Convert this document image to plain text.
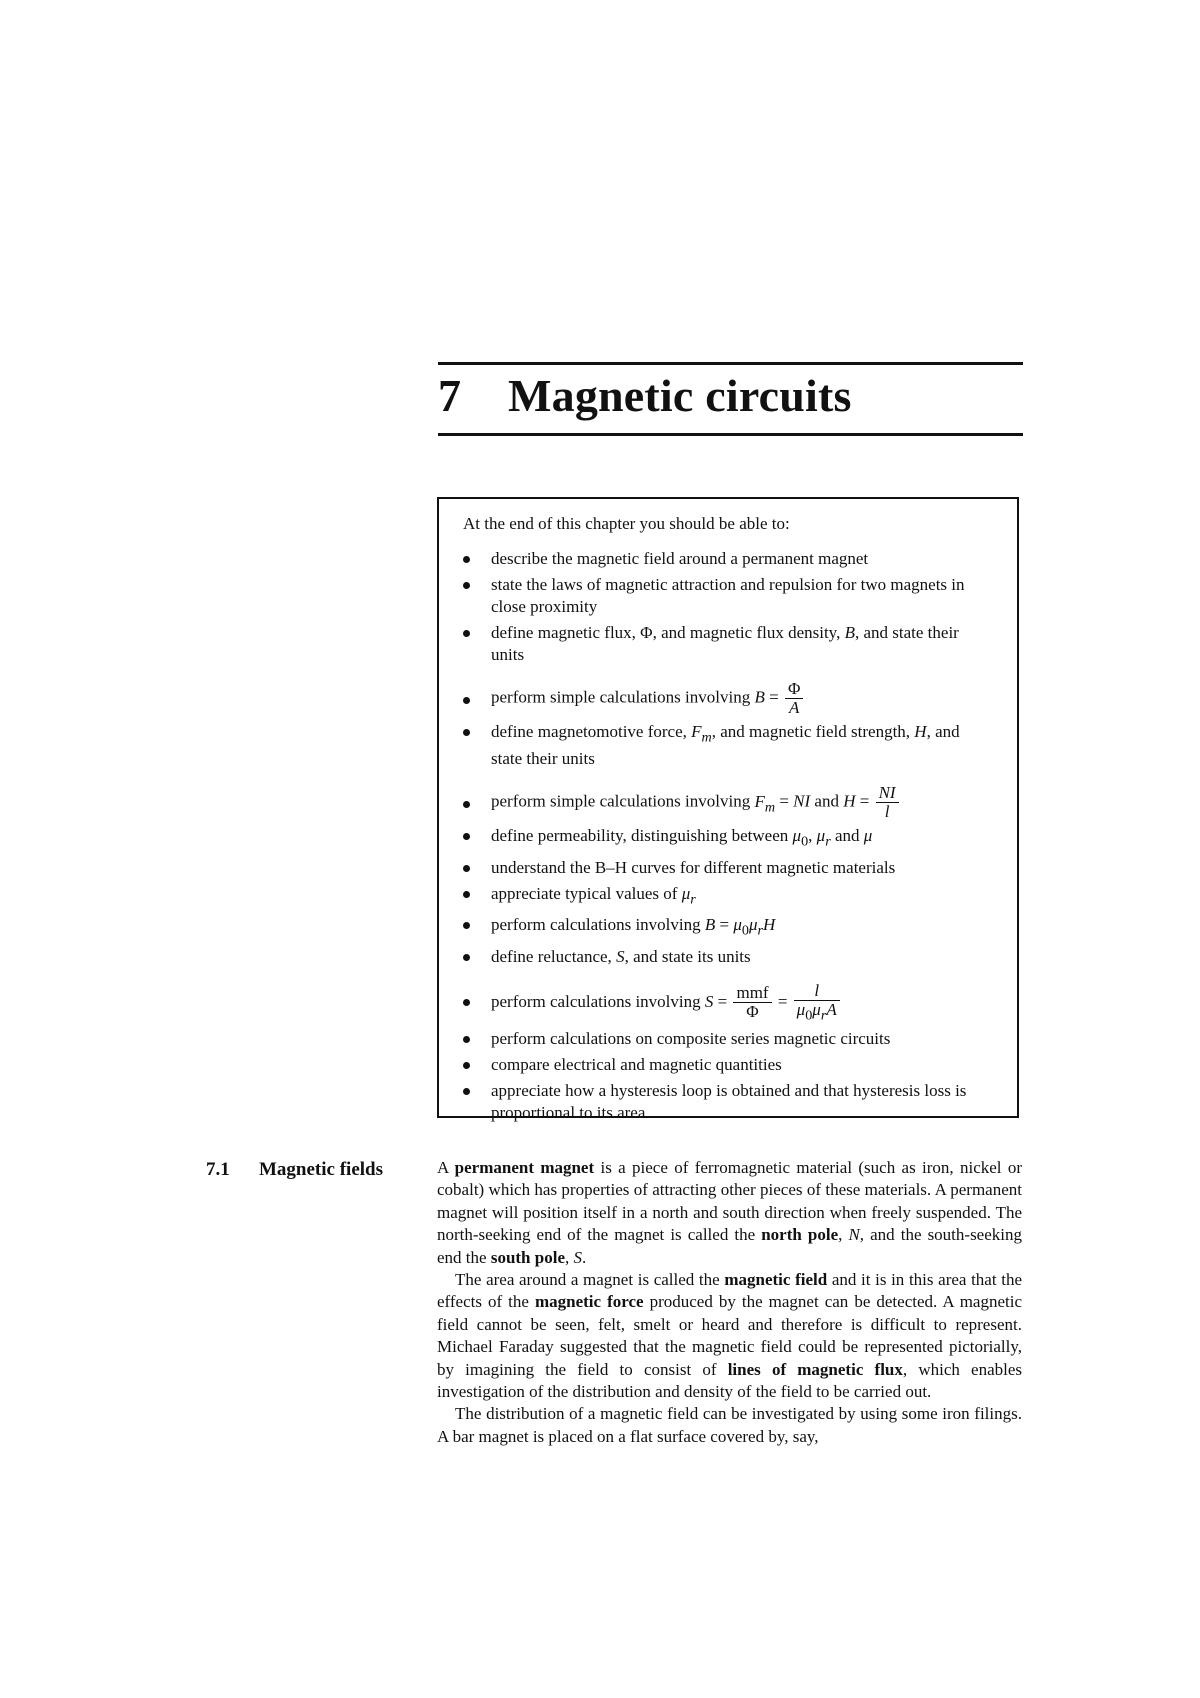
7 Magnetic circuits

At the end of this chapter you should be able to:

describe the magnetic field around a permanent magnet
state the laws of magnetic attraction and repulsion for two magnets in close proximity
define magnetic flux, Φ, and magnetic flux density, B, and state their units
perform simple calculations involving $B = \frac{\Phi}{A}$
define magnetomotive force, $F_m$, and magnetic field strength, H, and state their units
perform simple calculations involving $F_m$ = NI and $H = \frac{NI}{l}$
define permeability, distinguishing between $\mu_0$, $\mu_r$ and μ
understand the B–H curves for different magnetic materials
appreciate typical values of $\mu_r$
perform calculations involving $B = \mu_0\mu_rH$
define reluctance, S, and state its units
perform calculations involving $S = \frac{\text{mmf}}{\Phi} = \frac{l}{\mu_0\mu_rA}$
perform calculations on composite series magnetic circuits
compare electrical and magnetic quantities
appreciate how a hysteresis loop is obtained and that hysteresis loss is proportional to its area
7.1 Magnetic fields	A permanent magnet is a piece of ferromagnetic material (such as iron, nickel or cobalt) which has properties of attracting other pieces of these materials. A permanent magnet will position itself in a north and south direction when freely suspended. The north-seeking end of the magnet is called the north pole, N, and the south-seeking end the south pole, S.

The area around a magnet is called the magnetic field and it is in this area that the effects of the magnetic force produced by the magnet can be detected. A magnetic field cannot be seen, felt, smelt or heard and therefore is difficult to represent. Michael Faraday suggested that the magnetic field could be represented pictorially, by imagining the field to consist of lines of magnetic flux, which enables investigation of the distribution and density of the field to be carried out.

The distribution of a magnetic field can be investigated by using some iron filings. A bar magnet is placed on a flat surface covered by, say,
